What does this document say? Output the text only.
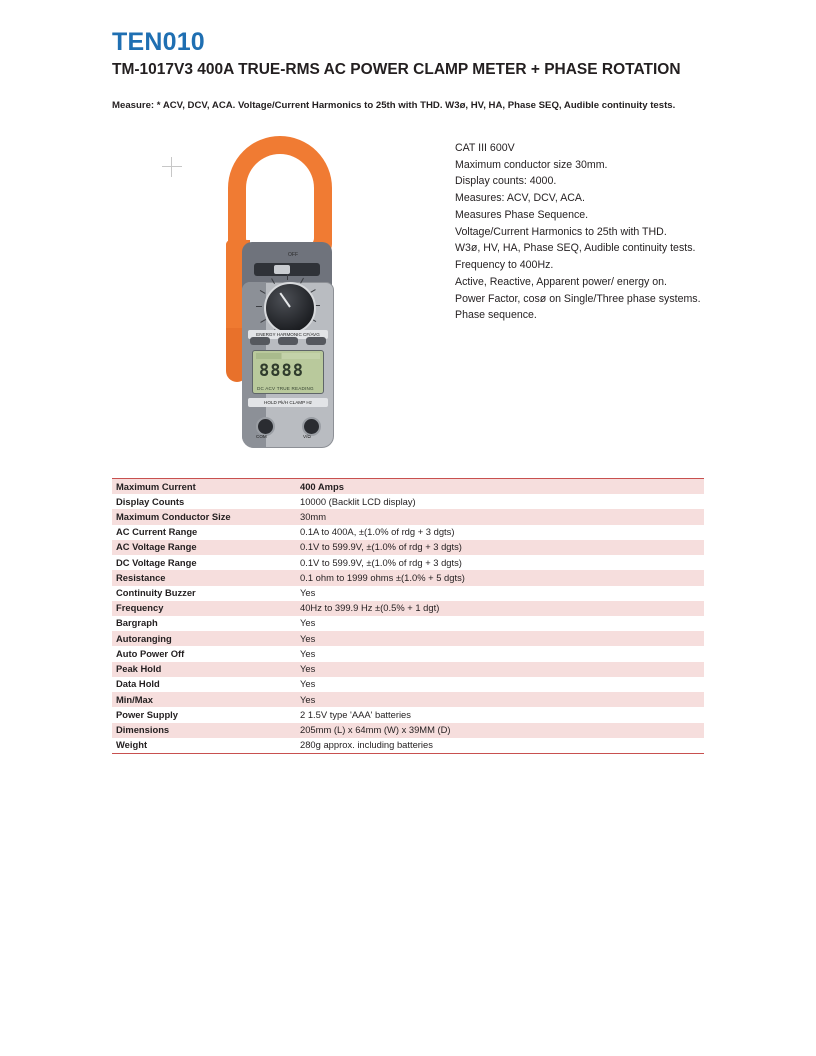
TEN010
TM-1017V3 400A TRUE-RMS AC POWER CLAMP METER + PHASE ROTATION
Measure: * ACV, DCV, ACA. Voltage/Current Harmonics to 25th with THD. W3ø, HV, HA, Phase SEQ, Audible continuity tests.
OFF
ENERGY HARMONIC CF/AVG
8888
DC ACV TRUE READING
HOLD Pk/H CLAMP Hz
COM	V/Ω
CAT III 600V
Maximum conductor size 30mm.
Display counts: 4000.
Measures: ACV, DCV, ACA.
Measures Phase Sequence.
Voltage/Current Harmonics to 25th with THD.
W3ø, HV, HA, Phase SEQ, Audible continuity tests.
Frequency to 400Hz.
Active, Reactive, Apparent power/ energy on.
Power Factor, cosø on Single/Three phase systems.
Phase sequence.
Maximum Current	400 Amps
Display Counts	10000 (Backlit LCD display)
Maximum Conductor Size	30mm
AC Current Range	0.1A to 400A, ±(1.0% of rdg + 3 dgts)
AC Voltage Range	0.1V to 599.9V, ±(1.0% of rdg + 3 dgts)
DC Voltage Range	0.1V to 599.9V, ±(1.0% of rdg + 3 dgts)
Resistance	0.1 ohm to 1999 ohms ±(1.0% + 5 dgts)
Continuity Buzzer	Yes
Frequency	40Hz to 399.9 Hz ±(0.5% + 1 dgt)
Bargraph	Yes
Autoranging	Yes
Auto Power Off	Yes
Peak Hold	Yes
Data Hold	Yes
Min/Max	Yes
Power Supply	2 1.5V type 'AAA' batteries
Dimensions	205mm (L) x 64mm (W) x 39MM (D)
Weight	280g approx. including batteries
